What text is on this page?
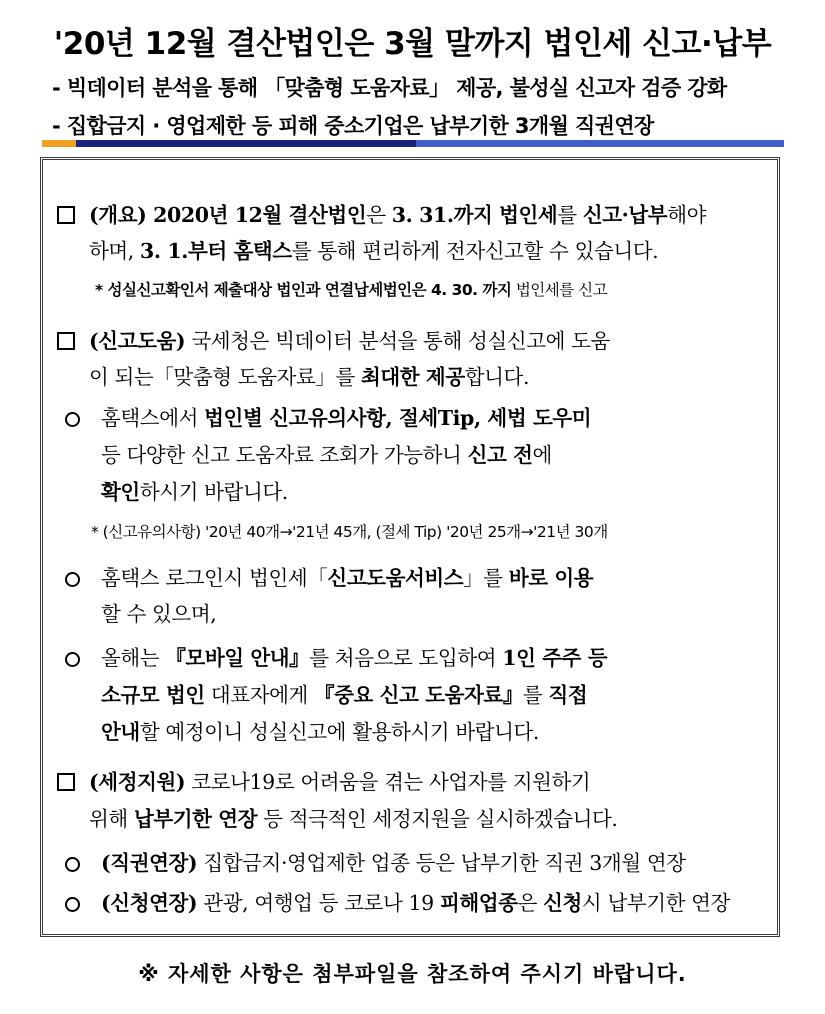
'20년 12월 결산법인은 3월 말까지 법인세 신고·납부
- 빅데이터 분석을 통해 「맞춤형 도움자료」 제공, 불성실 신고자 검증 강화
- 집합금지 · 영업제한 등 피해 중소기업은 납부기한 3개월 직권연장
(개요) 2020년 12월 결산법인은 3. 31.까지 법인세를 신고·납부해야
하며, 3. 1.부터 홈택스를 통해 편리하게 전자신고할 수 있습니다.
* 성실신고확인서 제출대상 법인과 연결납세법인은 4. 30. 까지 법인세를 신고
(신고도움) 국세청은 빅데이터 분석을 통해 성실신고에 도움
이 되는「맞춤형 도움자료」를 최대한 제공합니다.
홈택스에서 법인별 신고유의사항, 절세Tip, 세법 도우미
등 다양한 신고 도움자료 조회가 가능하니 신고 전에
확인하시기 바랍니다.
* (신고유의사항) '20년 40개→'21년 45개, (절세 Tip) '20년 25개→'21년 30개
홈택스 로그인시 법인세「신고도움서비스」를 바로 이용
할 수 있으며,
올해는 『모바일 안내』를 처음으로 도입하여 1인 주주 등
소규모 법인 대표자에게 『중요 신고 도움자료』를 직접
안내할 예정이니 성실신고에 활용하시기 바랍니다.
(세정지원) 코로나19로 어려움을 겪는 사업자를 지원하기
위해 납부기한 연장 등 적극적인 세정지원을 실시하겠습니다.
(직권연장) 집합금지·영업제한 업종 등은 납부기한 직권 3개월 연장
(신청연장) 관광, 여행업 등 코로나 19 피해업종은 신청시 납부기한 연장
※ 자세한 사항은 첨부파일을 참조하여 주시기 바랍니다.
